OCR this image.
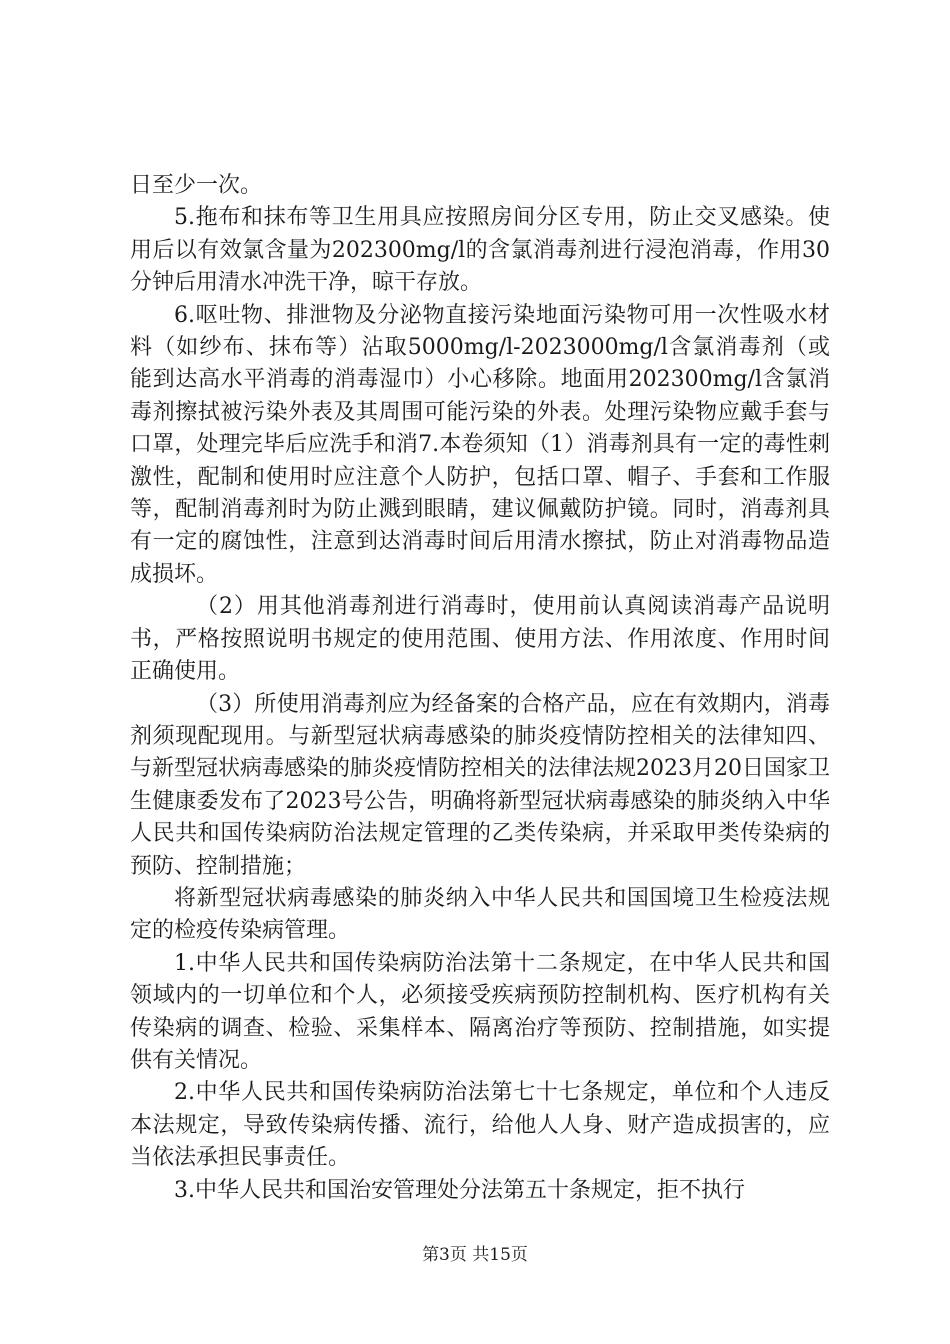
日至少一次。

5.拖布和抹布等卫生用具应按照房间分区专用，防止交叉感染。使用后以有效氯含量为202300mg/l的含氯消毒剂进行浸泡消毒，作用30分钟后用清水冲洗干净，晾干存放。

6.呕吐物、排泄物及分泌物直接污染地面污染物可用一次性吸水材料（如纱布、抹布等）沾取5000mg/l-2023000mg/l含氯消毒剂（或能到达高水平消毒的消毒湿巾）小心移除。地面用202300mg/l含氯消毒剂擦拭被污染外表及其周围可能污染的外表。处理污染物应戴手套与口罩，处理完毕后应洗手和消7.本卷须知（1）消毒剂具有一定的毒性刺激性，配制和使用时应注意个人防护，包括口罩、帽子、手套和工作服等，配制消毒剂时为防止溅到眼睛，建议佩戴防护镜。同时，消毒剂具有一定的腐蚀性，注意到达消毒时间后用清水擦拭，防止对消毒物品造成损坏。

（2）用其他消毒剂进行消毒时，使用前认真阅读消毒产品说明书，严格按照说明书规定的使用范围、使用方法、作用浓度、作用时间正确使用。

（3）所使用消毒剂应为经备案的合格产品，应在有效期内，消毒剂须现配现用。与新型冠状病毒感染的肺炎疫情防控相关的法律知四、与新型冠状病毒感染的肺炎疫情防控相关的法律法规2023月20日国家卫生健康委发布了2023号公告，明确将新型冠状病毒感染的肺炎纳入中华人民共和国传染病防治法规定管理的乙类传染病，并采取甲类传染病的预防、控制措施；

将新型冠状病毒感染的肺炎纳入中华人民共和国国境卫生检疫法规定的检疫传染病管理。

1.中华人民共和国传染病防治法第十二条规定，在中华人民共和国领域内的一切单位和个人，必须接受疾病预防控制机构、医疗机构有关传染病的调查、检验、采集样本、隔离治疗等预防、控制措施，如实提供有关情况。

2.中华人民共和国传染病防治法第七十七条规定，单位和个人违反本法规定，导致传染病传播、流行，给他人人身、财产造成损害的，应当依法承担民事责任。

3.中华人民共和国治安管理处分法第五十条规定，拒不执行

第3页 共15页
